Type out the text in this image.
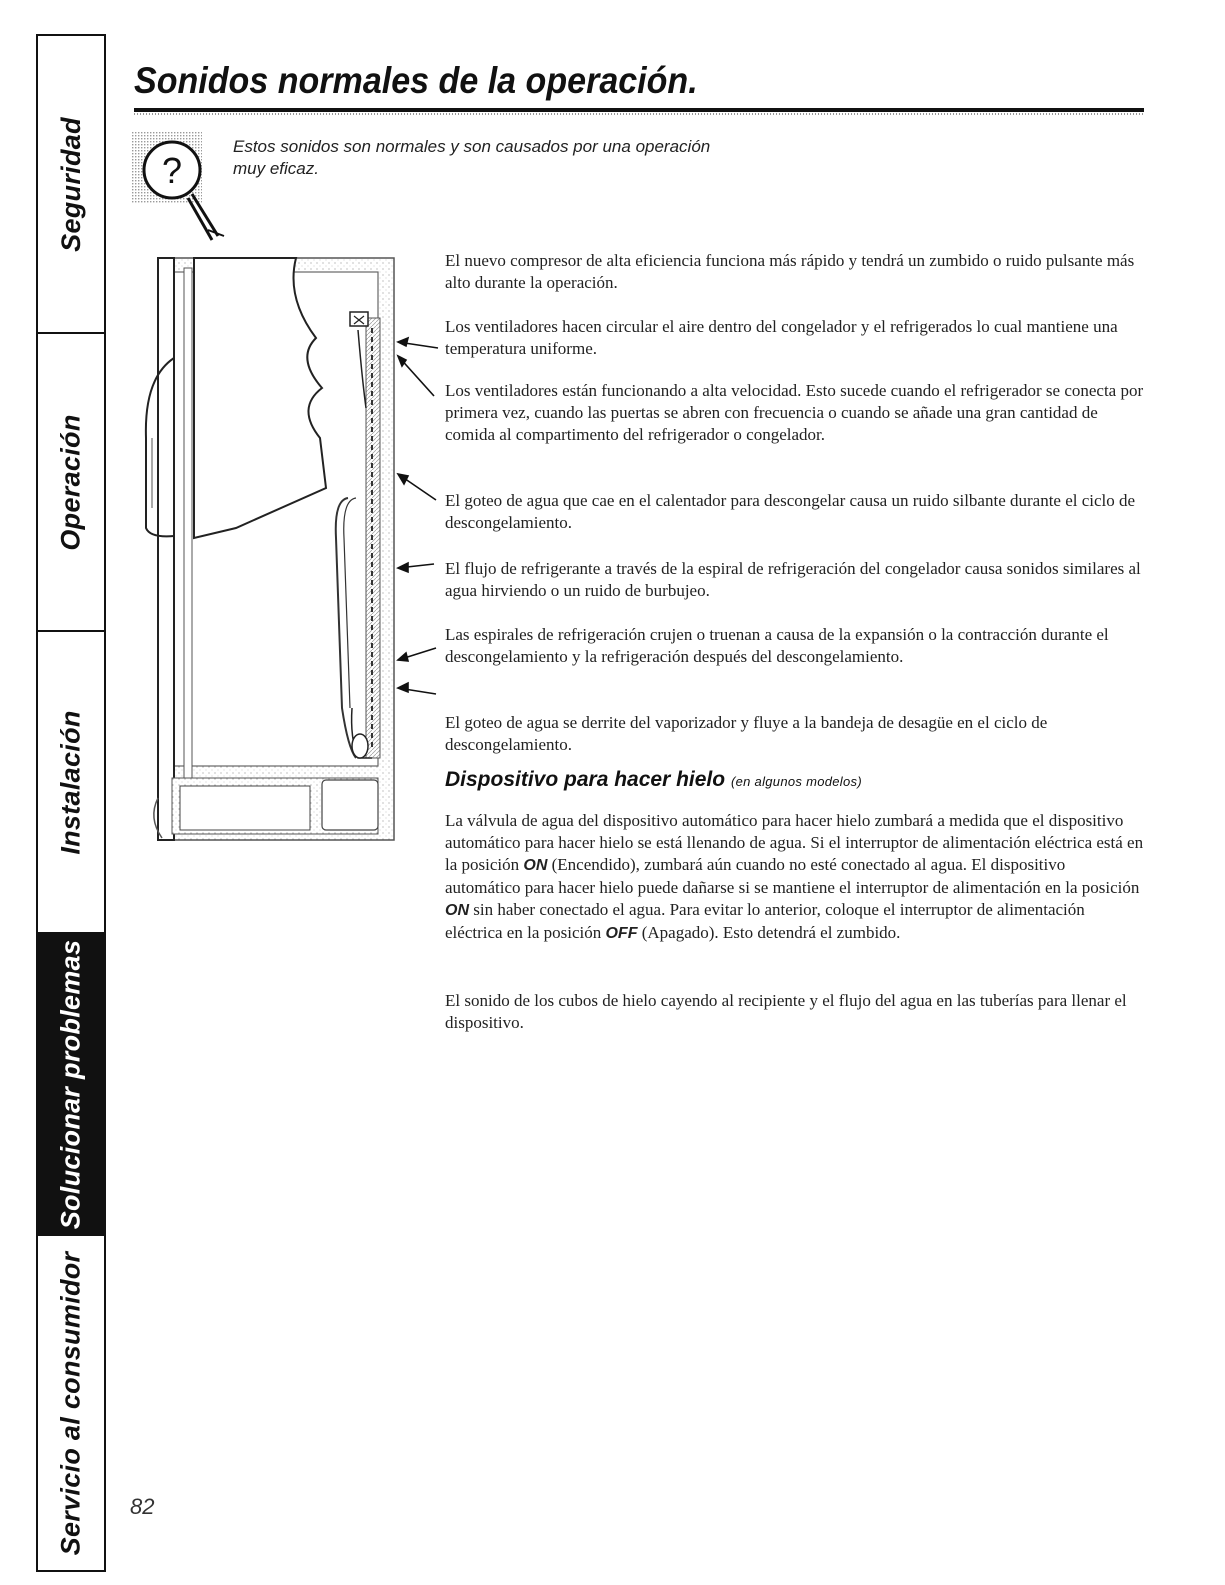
Seguridad
Operación
Instalación
Solucionar problemas
Servicio al consumidor
Sonidos normales de la operación.
?
Estos sonidos son normales y son causados por una operación muy eficaz.

El nuevo compresor de alta eficiencia funciona más rápido y tendrá un zumbido o ruido pulsante más alto durante la operación.

Los ventiladores hacen circular el aire dentro del congelador y el refrigerados lo cual mantiene una temperatura uniforme.

Los ventiladores están funcionando a alta velocidad. Esto sucede cuando el refrigerador se conecta por primera vez, cuando las puertas se abren con frecuencia o cuando se añade una gran cantidad de comida al compartimento del refrigerador o congelador.

El goteo de agua que cae en el calentador para descongelar causa un ruido silbante durante el ciclo de descongelamiento.

El flujo de refrigerante a través de la espiral de refrigeración del congelador causa sonidos similares al agua hirviendo o un ruido de burbujeo.

Las espirales de refrigeración crujen o truenan a causa de la expansión o la contracción durante el descongelamiento y la refrigeración después del descongelamiento.

El goteo de agua se derrite del vaporizador y fluye a la bandeja de desagüe en el ciclo de descongelamiento.

Dispositivo para hacer hielo (en algunos modelos)

La válvula de agua del dispositivo automático para hacer hielo zumbará a medida que el dispositivo automático para hacer hielo se está llenando de agua. Si el interruptor de alimentación eléctrica está en la posición ON (Encendido), zumbará aún cuando no esté conectado al agua. El dispositivo automático para hacer hielo puede dañarse si se mantiene el interruptor de alimentación en la posición ON sin haber conectado el agua. Para evitar lo anterior, coloque el interruptor de alimentación eléctrica en la posición OFF (Apagado). Esto detendrá el zumbido.

El sonido de los cubos de hielo cayendo al recipiente y el flujo del agua en las tuberías para llenar el dispositivo.

82
